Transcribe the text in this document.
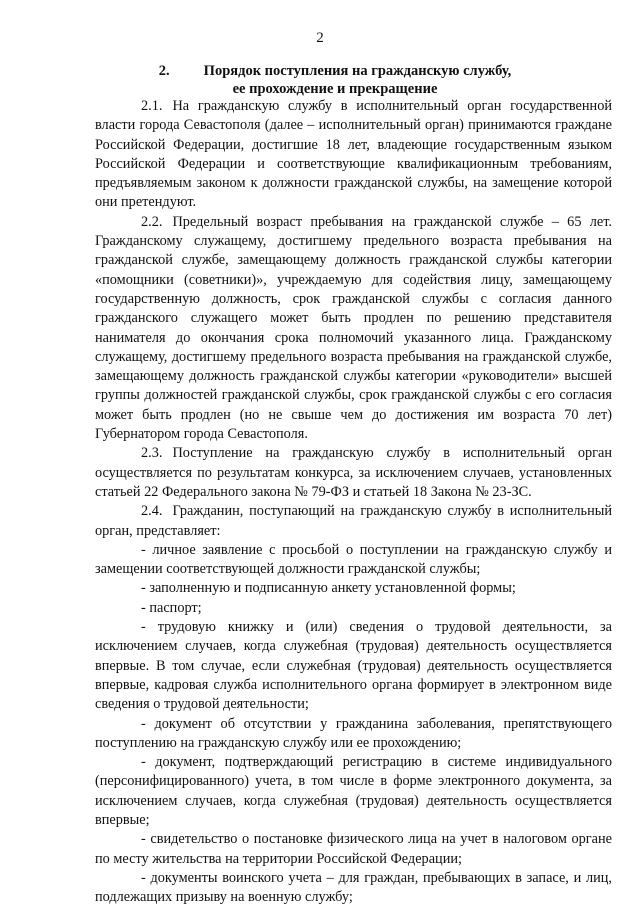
2
2. Порядок поступления на гражданскую службу,
ее прохождение и прекращение

2.1. На гражданскую службу в исполнительный орган государственной власти города Севастополя (далее – исполнительный орган) принимаются граждане Российской Федерации, достигшие 18 лет, владеющие государственным языком Российской Федерации и соответствующие квалификационным требованиям, предъявляемым законом к должности гражданской службы, на замещение которой они претендуют.

2.2. Предельный возраст пребывания на гражданской службе – 65 лет. Гражданскому служащему, достигшему предельного возраста пребывания на гражданской службе, замещающему должность гражданской службы категории «помощники (советники)», учреждаемую для содействия лицу, замещающему государственную должность, срок гражданской службы с согласия данного гражданского служащего может быть продлен по решению представителя нанимателя до окончания срока полномочий указанного лица. Гражданскому служащему, достигшему предельного возраста пребывания на гражданской службе, замещающему должность гражданской службы категории «руководители» высшей группы должностей гражданской службы, срок гражданской службы с его согласия может быть продлен (но не свыше чем до достижения им возраста 70 лет) Губернатором города Севастополя.

2.3. Поступление на гражданскую службу в исполнительный орган осуществляется по результатам конкурса, за исключением случаев, установленных статьей 22 Федерального закона № 79-ФЗ и статьей 18 Закона № 23-ЗС.

2.4. Гражданин, поступающий на гражданскую службу в исполнительный орган, представляет:

- личное заявление с просьбой о поступлении на гражданскую службу и замещении соответствующей должности гражданской службы;

- заполненную и подписанную анкету установленной формы;

- паспорт;

- трудовую книжку и (или) сведения о трудовой деятельности, за исключением случаев, когда служебная (трудовая) деятельность осуществляется впервые. В том случае, если служебная (трудовая) деятельность осуществляется впервые, кадровая служба исполнительного органа формирует в электронном виде сведения о трудовой деятельности;

- документ об отсутствии у гражданина заболевания, препятствующего поступлению на гражданскую службу или ее прохождению;

- документ, подтверждающий регистрацию в системе индивидуального (персонифицированного) учета, в том числе в форме электронного документа, за исключением случаев, когда служебная (трудовая) деятельность осуществляется впервые;

- свидетельство о постановке физического лица на учет в налоговом органе по месту жительства на территории Российской Федерации;

- документы воинского учета – для граждан, пребывающих в запасе, и лиц, подлежащих призыву на военную службу;
